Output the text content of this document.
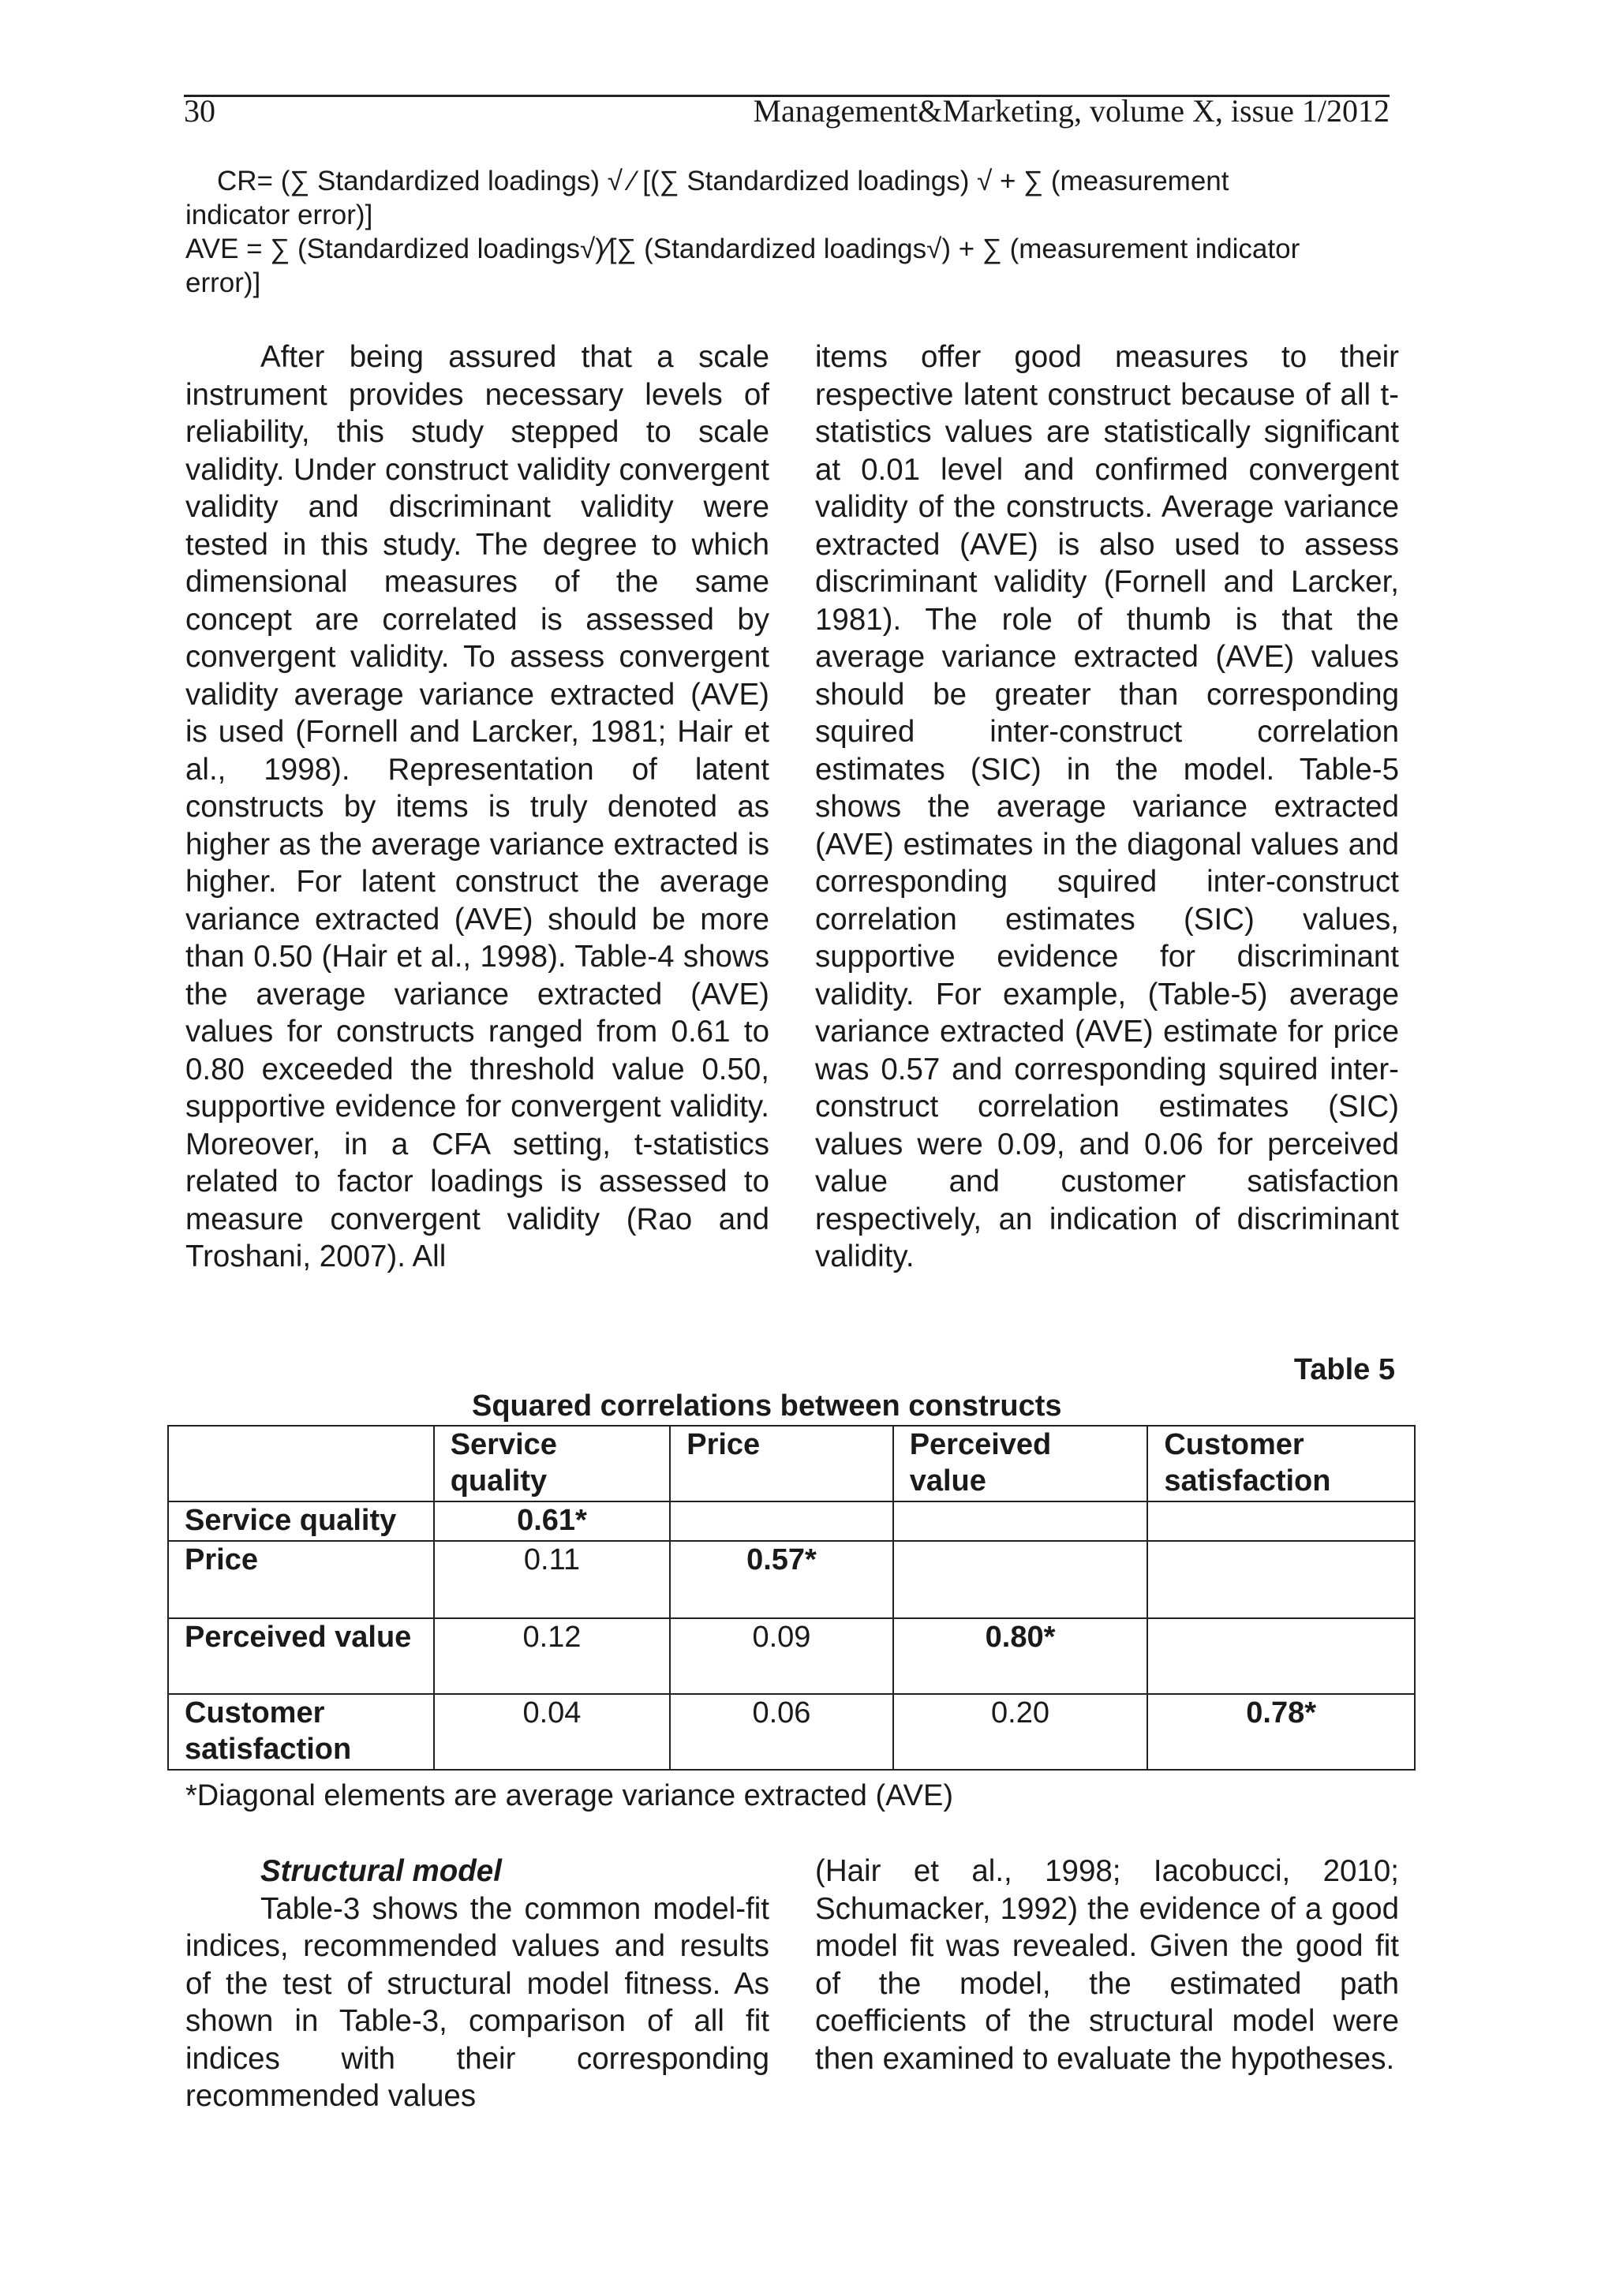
30	Management&Marketing, volume X, issue 1/2012
CR= (∑ Standardized loadings) √ ⁄ [(∑ Standardized loadings) √ + ∑ (measurement
indicator error)]
AVE = ∑ (Standardized loadings√)⁄[∑ (Standardized loadings√) + ∑ (measurement indicator
error)]

After being assured that a scale instrument provides necessary levels of reliability, this study stepped to scale validity. Under construct validity convergent validity and discriminant validity were tested in this study. The degree to which dimensional measures of the same concept are correlated is assessed by convergent validity. To assess convergent validity average variance extracted (AVE) is used (Fornell and Larcker, 1981; Hair et al., 1998). Representation of latent constructs by items is truly denoted as higher as the average variance extracted is higher. For latent construct the average variance extracted (AVE) should be more than 0.50 (Hair et al., 1998). Table-4 shows the average variance extracted (AVE) values for constructs ranged from 0.61 to 0.80 exceeded the threshold value 0.50, supportive evidence for convergent validity. Moreover, in a CFA setting, t-statistics related to factor loadings is assessed to measure convergent validity (Rao and Troshani, 2007). All

items offer good measures to their respective latent construct because of all t-statistics values are statistically significant at 0.01 level and confirmed convergent validity of the constructs. Average variance extracted (AVE) is also used to assess discriminant validity (Fornell and Larcker, 1981). The role of thumb is that the average variance extracted (AVE) values should be greater than corresponding squired inter-construct correlation estimates (SIC) in the model. Table-5 shows the average variance extracted (AVE) estimates in the diagonal values and corresponding squired inter-construct correlation estimates (SIC) values, supportive evidence for discriminant validity. For example, (Table-5) average variance extracted (AVE) estimate for price was 0.57 and corresponding squired inter-construct correlation estimates (SIC) values were 0.09, and 0.06 for perceived value and customer satisfaction respectively, an indication of discriminant validity.

Table 5
Squared correlations between constructs
	Service quality	Price	Perceived value	Customer satisfaction
Service quality	0.61*			
Price	0.11	0.57*		
Perceived value	0.12	0.09	0.80*	
Customer satisfaction	0.04	0.06	0.20	0.78*
*Diagonal elements are average variance extracted (AVE)

Structural model

Table-3 shows the common model-fit indices, recommended values and results of the test of structural model fitness. As shown in Table-3, comparison of all fit indices with their corresponding recommended values

(Hair et al., 1998; Iacobucci, 2010; Schumacker, 1992) the evidence of a good model fit was revealed. Given the good fit of the model, the estimated path coefficients of the structural model were then examined to evaluate the hypotheses.
